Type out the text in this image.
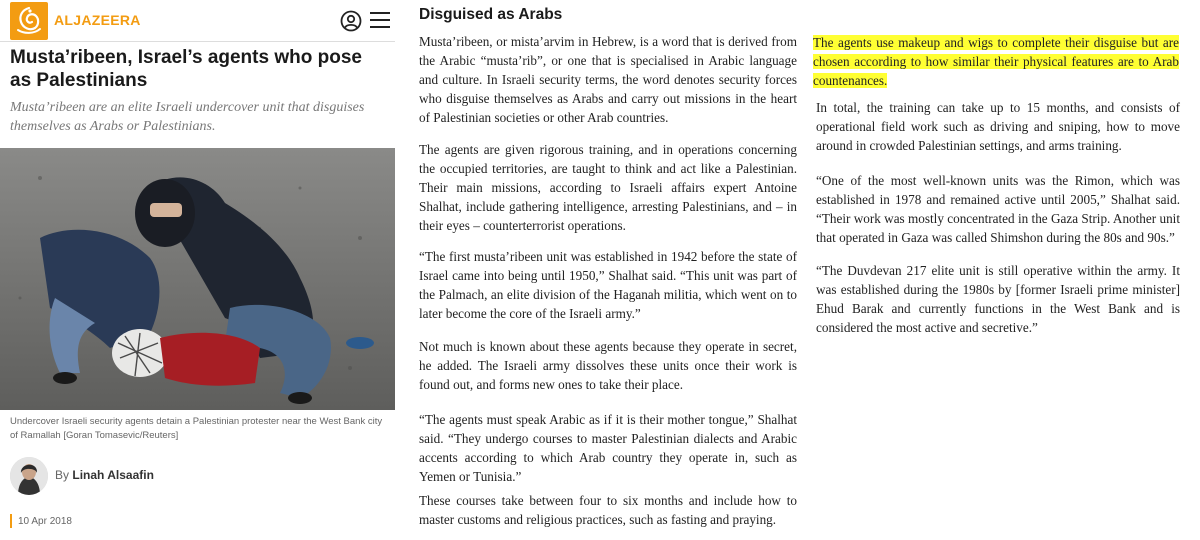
ALJAZEERA
Musta’ribeen, Israel’s agents who pose as Palestinians

Musta’ribeen are an elite Israeli undercover unit that disguises themselves as Arabs or Palestinians.

Undercover Israeli security agents detain a Palestinian protester near the West Bank city of Ramallah [Goran Tomasevic/Reuters]

By Linah Alsaafin
10 Apr 2018
Disguised as Arabs

Musta’ribeen, or mista’arvim in Hebrew, is a word that is derived from the Arabic “musta’rib”, or one that is specialised in Arabic language and culture. In Israeli security terms, the word denotes security forces who disguise themselves as Arabs and carry out missions in the heart of Palestinian societies or other Arab countries.

The agents are given rigorous training, and in operations concerning the occupied territories, are taught to think and act like a Palestinian. Their main missions, according to Israeli affairs expert Antoine Shalhat, include gathering intelligence, arresting Palestinians, and – in their eyes – counterterrorist operations.

“The first musta’ribeen unit was established in 1942 before the state of Israel came into being until 1950,” Shalhat said. “This unit was part of the Palmach, an elite division of the Haganah militia, which went on to later become the core of the Israeli army.”

Not much is known about these agents because they operate in secret, he added. The Israeli army dissolves these units once their work is found out, and forms new ones to take their place.

“The agents must speak Arabic as if it is their mother tongue,” Shalhat said. “They undergo courses to master Palestinian dialects and Arabic accents according to which Arab country they operate in, such as Yemen or Tunisia.”

These courses take between four to six months and include how to master customs and religious practices, such as fasting and praying.

The agents use makeup and wigs to complete their disguise but are chosen according to how similar their physical features are to Arab countenances.

In total, the training can take up to 15 months, and consists of operational field work such as driving and sniping, how to move around in crowded Palestinian settings, and arms training.

“One of the most well-known units was the Rimon, which was established in 1978 and remained active until 2005,” Shalhat said. “Their work was mostly concentrated in the Gaza Strip. Another unit that operated in Gaza was called Shimshon during the 80s and 90s.”

“The Duvdevan 217 elite unit is still operative within the army. It was established during the 1980s by [former Israeli prime minister] Ehud Barak and currently functions in the West Bank and is considered the most active and secretive.”
